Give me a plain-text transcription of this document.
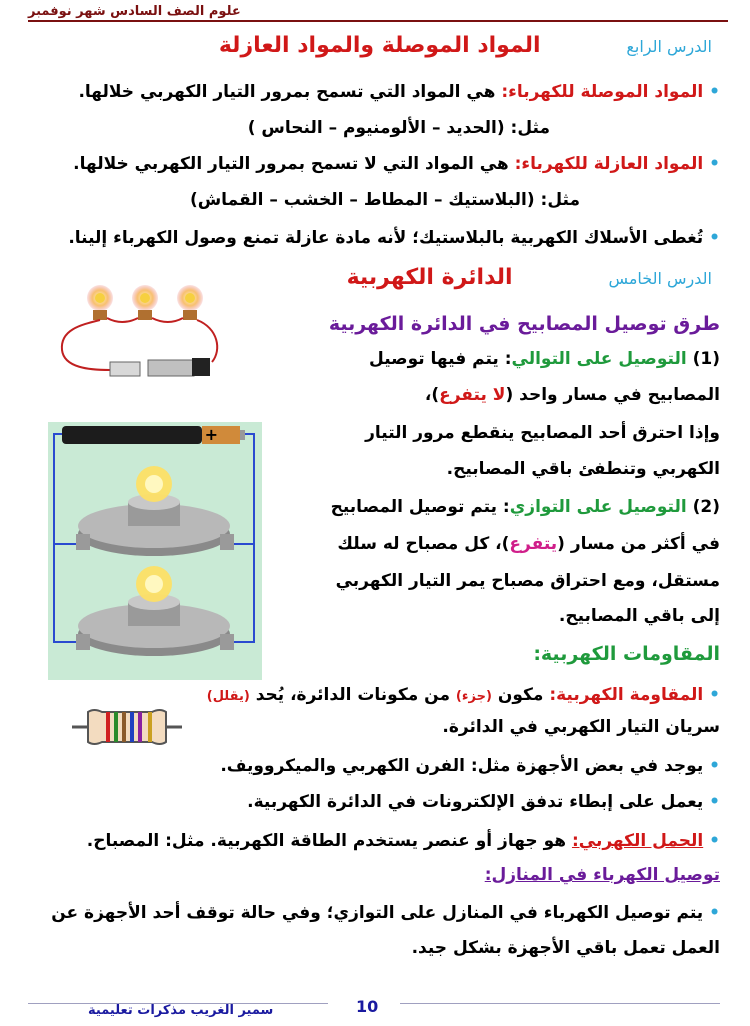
علوم الصف السادس شهر نوفمبر
الدرس الرابع  المواد الموصلة والمواد العازلة
• المواد الموصلة للكهرباء: هي المواد التي تسمح بمرور التيار الكهربي خلالها.
مثل: (الحديد – الألومنيوم – النحاس )
• المواد العازلة للكهرباء: هي المواد التي لا تسمح بمرور التيار الكهربي خلالها.
مثل: (البلاستيك – المطاط – الخشب – القماش)
• تُغطى الأسلاك الكهربية بالبلاستيك؛ لأنه مادة عازلة تمنع وصول الكهرباء إلينا.
الدرس الخامس  الدائرة الكهربية
طرق توصيل المصابيح في الدائرة الكهربية
(1) التوصيل على التوالي: يتم فيها توصيل
المصابيح في مسار واحد (لا يتفرع)،
وإذا احترق أحد المصابيح ينقطع مرور التيار
الكهربي وتنطفئ باقي المصابيح.
(2) التوصيل على التوازي: يتم توصيل المصابيح
في أكثر من مسار (يتفرع)، كل مصباح له سلك
مستقل، ومع احتراق مصباح يمر التيار الكهربي
إلى باقي المصابيح.
المقاومات الكهربية:
• المقاومة الكهربية: مكون (جزء) من مكونات الدائرة، يُحد (يقلل)
سريان التيار الكهربي في الدائرة.
• يوجد في بعض الأجهزة مثل: الفرن الكهربي والميكروويف.
• يعمل على إبطاء تدفق الإلكترونات في الدائرة الكهربية.
• الحمل الكهربي: هو جهاز أو عنصر يستخدم الطاقة الكهربية. مثل: المصباح.
توصيل الكهرباء في المنازل:
• يتم توصيل الكهرباء في المنازل على التوازي؛ وفي حالة توقف أحد الأجهزة عن
العمل تعمل باقي الأجهزة بشكل جيد.
+
10
سمير الغريب مذكرات تعليمية
